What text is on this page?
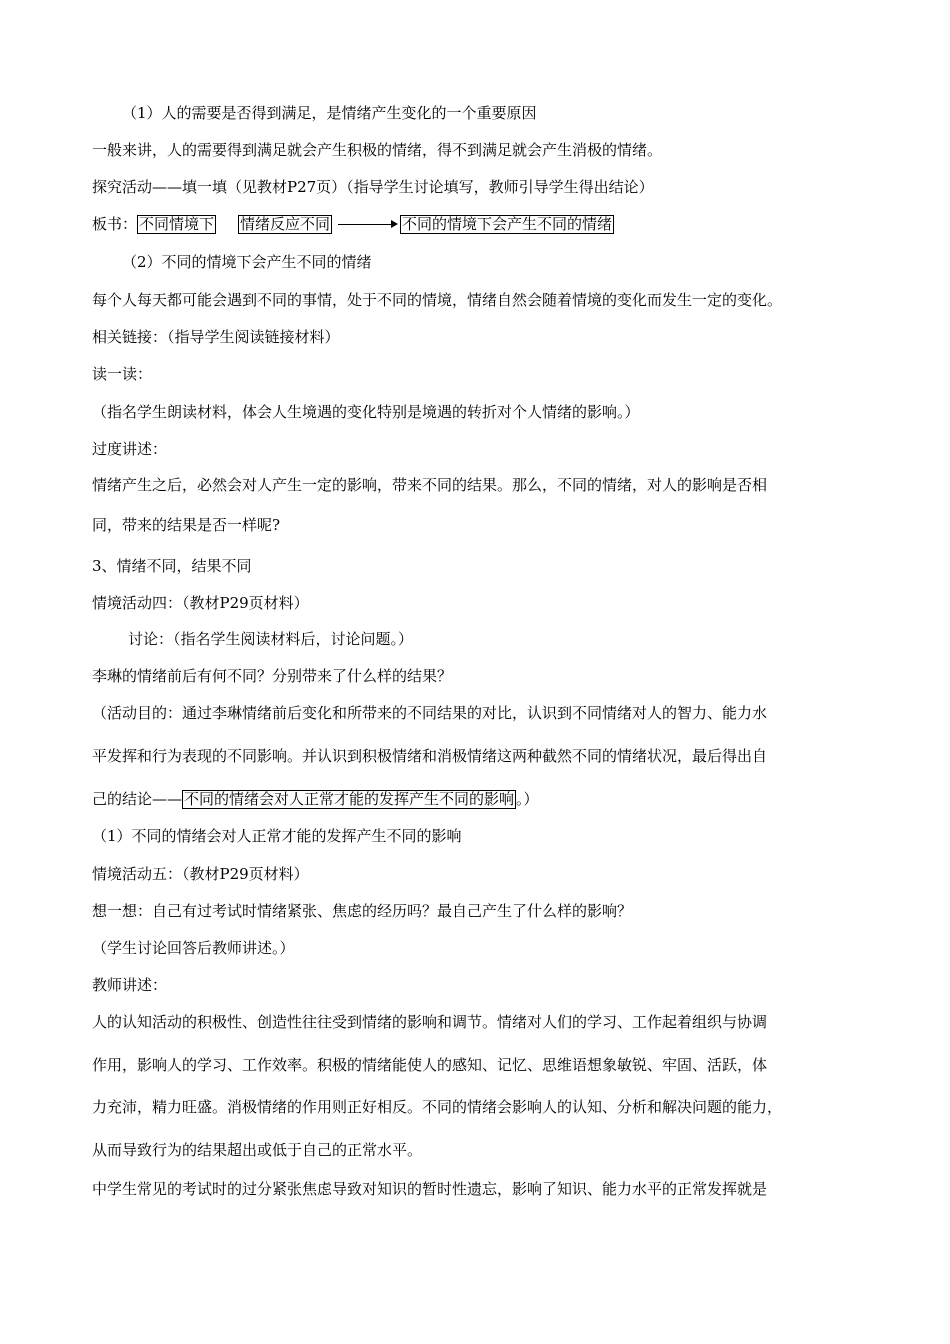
（1）人的需要是否得到满足，是情绪产生变化的一个重要原因
一般来讲，人的需要得到满足就会产生积极的情绪，得不到满足就会产生消极的情绪。
探究活动——填一填（见教材P27页）（指导学生讨论填写，教师引导学生得出结论）
板书： 不同情境下 情绪反应不同	不同的情境下会产生不同的情绪
（2）不同的情境下会产生不同的情绪
每个人每天都可能会遇到不同的事情，处于不同的情境，情绪自然会随着情境的变化而发生一定的变化。
相关链接：（指导学生阅读链接材料）
读一读：
（指名学生朗读材料，体会人生境遇的变化特别是境遇的转折对个人情绪的影响。）
过度讲述：
情绪产生之后，必然会对人产生一定的影响，带来不同的结果。那么，不同的情绪，对人的影响是否相
同，带来的结果是否一样呢?
3、情绪不同，结果不同
情境活动四：（教材P29页材料）
讨论：（指名学生阅读材料后，讨论问题。）
李琳的情绪前后有何不同？分别带来了什么样的结果？
（活动目的：通过李琳情绪前后变化和所带来的不同结果的对比，认识到不同情绪对人的智力、能力水
平发挥和行为表现的不同影响。并认识到积极情绪和消极情绪这两种截然不同的情绪状况，最后得出自
己的结论—— 不同的情绪会对人正常才能的发挥产生不同的影响 。）
（1）不同的情绪会对人正常才能的发挥产生不同的影响
情境活动五：（教材P29页材料）
想一想：自己有过考试时情绪紧张、焦虑的经历吗？最自己产生了什么样的影响？
（学生讨论回答后教师讲述。）
教师讲述：
人的认知活动的积极性、创造性往往受到情绪的影响和调节。情绪对人们的学习、工作起着组织与协调
作用，影响人的学习、工作效率。积极的情绪能使人的感知、记忆、思维语想象敏锐、牢固、活跃，体
力充沛，精力旺盛。消极情绪的作用则正好相反。不同的情绪会影响人的认知、分析和解决问题的能力，
从而导致行为的结果超出或低于自己的正常水平。
中学生常见的考试时的过分紧张焦虑导致对知识的暂时性遗忘，影响了知识、能力水平的正常发挥就是
